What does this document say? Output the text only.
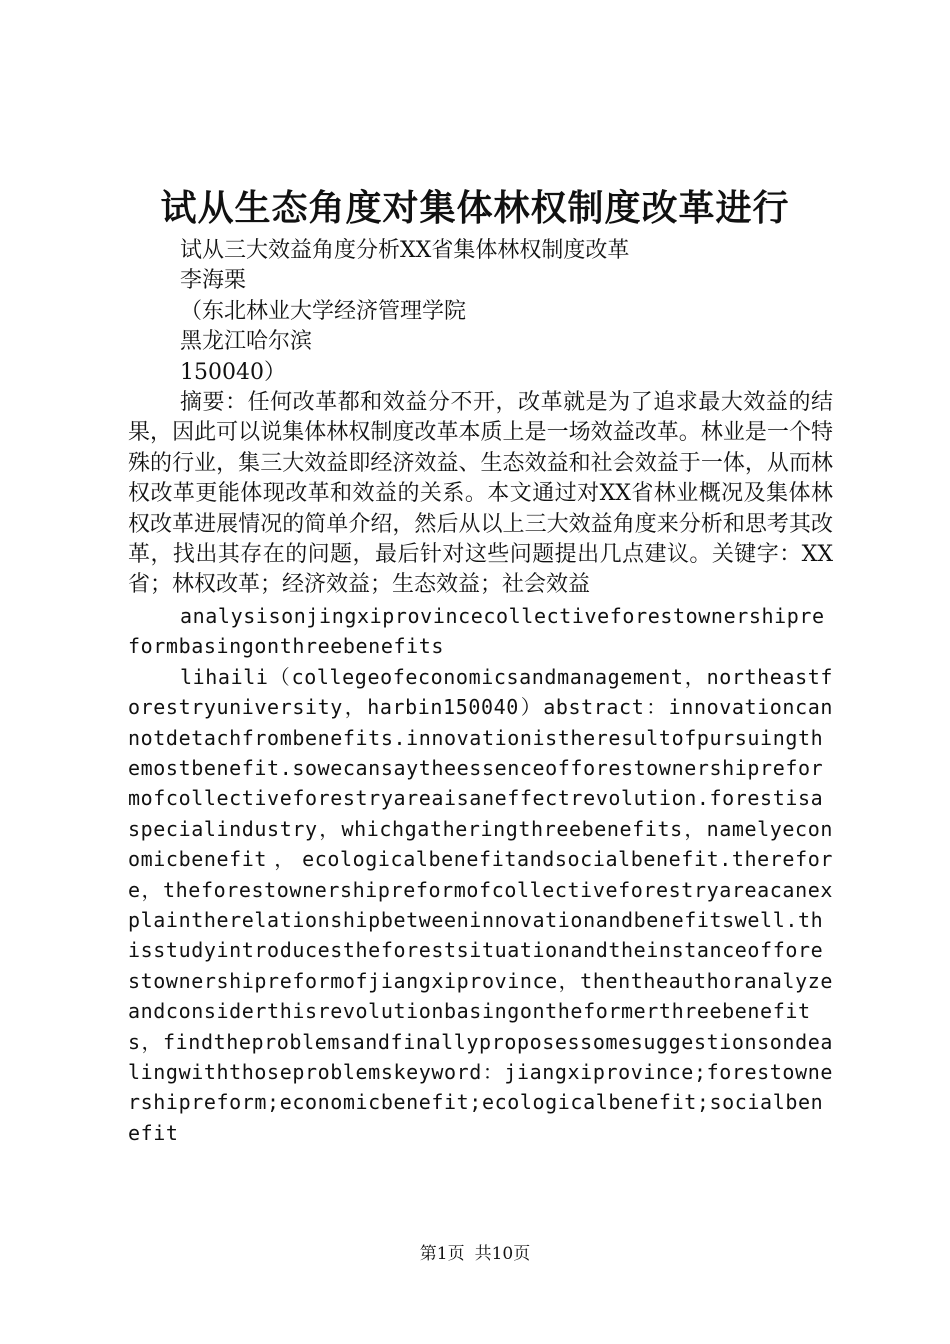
试从生态角度对集体林权制度改革进行

试从三大效益角度分析XX省集体林权制度改革

李海栗

（东北林业大学经济管理学院

黑龙江哈尔滨

150040）

摘要：任何改革都和效益分不开，改革就是为了追求最大效益的结果，因此可以说集体林权制度改革本质上是一场效益改革。林业是一个特殊的行业，集三大效益即经济效益、生态效益和社会效益于一体，从而林权改革更能体现改革和效益的关系。本文通过对XX省林业概况及集体林权改革进展情况的简单介绍，然后从以上三大效益角度来分析和思考其改革，找出其存在的问题，最后针对这些问题提出几点建议。关键字：XX省；林权改革；经济效益；生态效益；社会效益

analysisonjingxiprovincecollectiveforestownershipreformbasingonthreebenefits

lihaili（collegeofeconomicsandmanagement，northeastforestryuniversity，harbin150040）abstract：innovationcannotdetachfrombenefits.innovationistheresultofpursuingthemostbenefit.sowecansaytheessenceofforestownershipreformofcollectiveforestryareaisaneffectrevolution.forestisaspecialindustry，whichgatheringthreebenefits，namelyeconomicbenefit，ecologicalbenefitandsocialbenefit.therefore，theforestownershipreformofcollectiveforestryareacanexplaintherelationshipbetweeninnovationandbenefitswell.thisstudyintroducestheforestsituationandtheinstanceofforestownershipreformofjiangxiprovince，thentheauthoranalyzeandconsiderthisrevolutionbasingontheformerthreebenefits，findtheproblemsandfinallyproposessomesuggestionsondealingwiththoseproblemskeyword：jiangxiprovince;forestownershipreform;economicbenefit;ecologicalbenefit;socialbenefit

第1页 共10页
